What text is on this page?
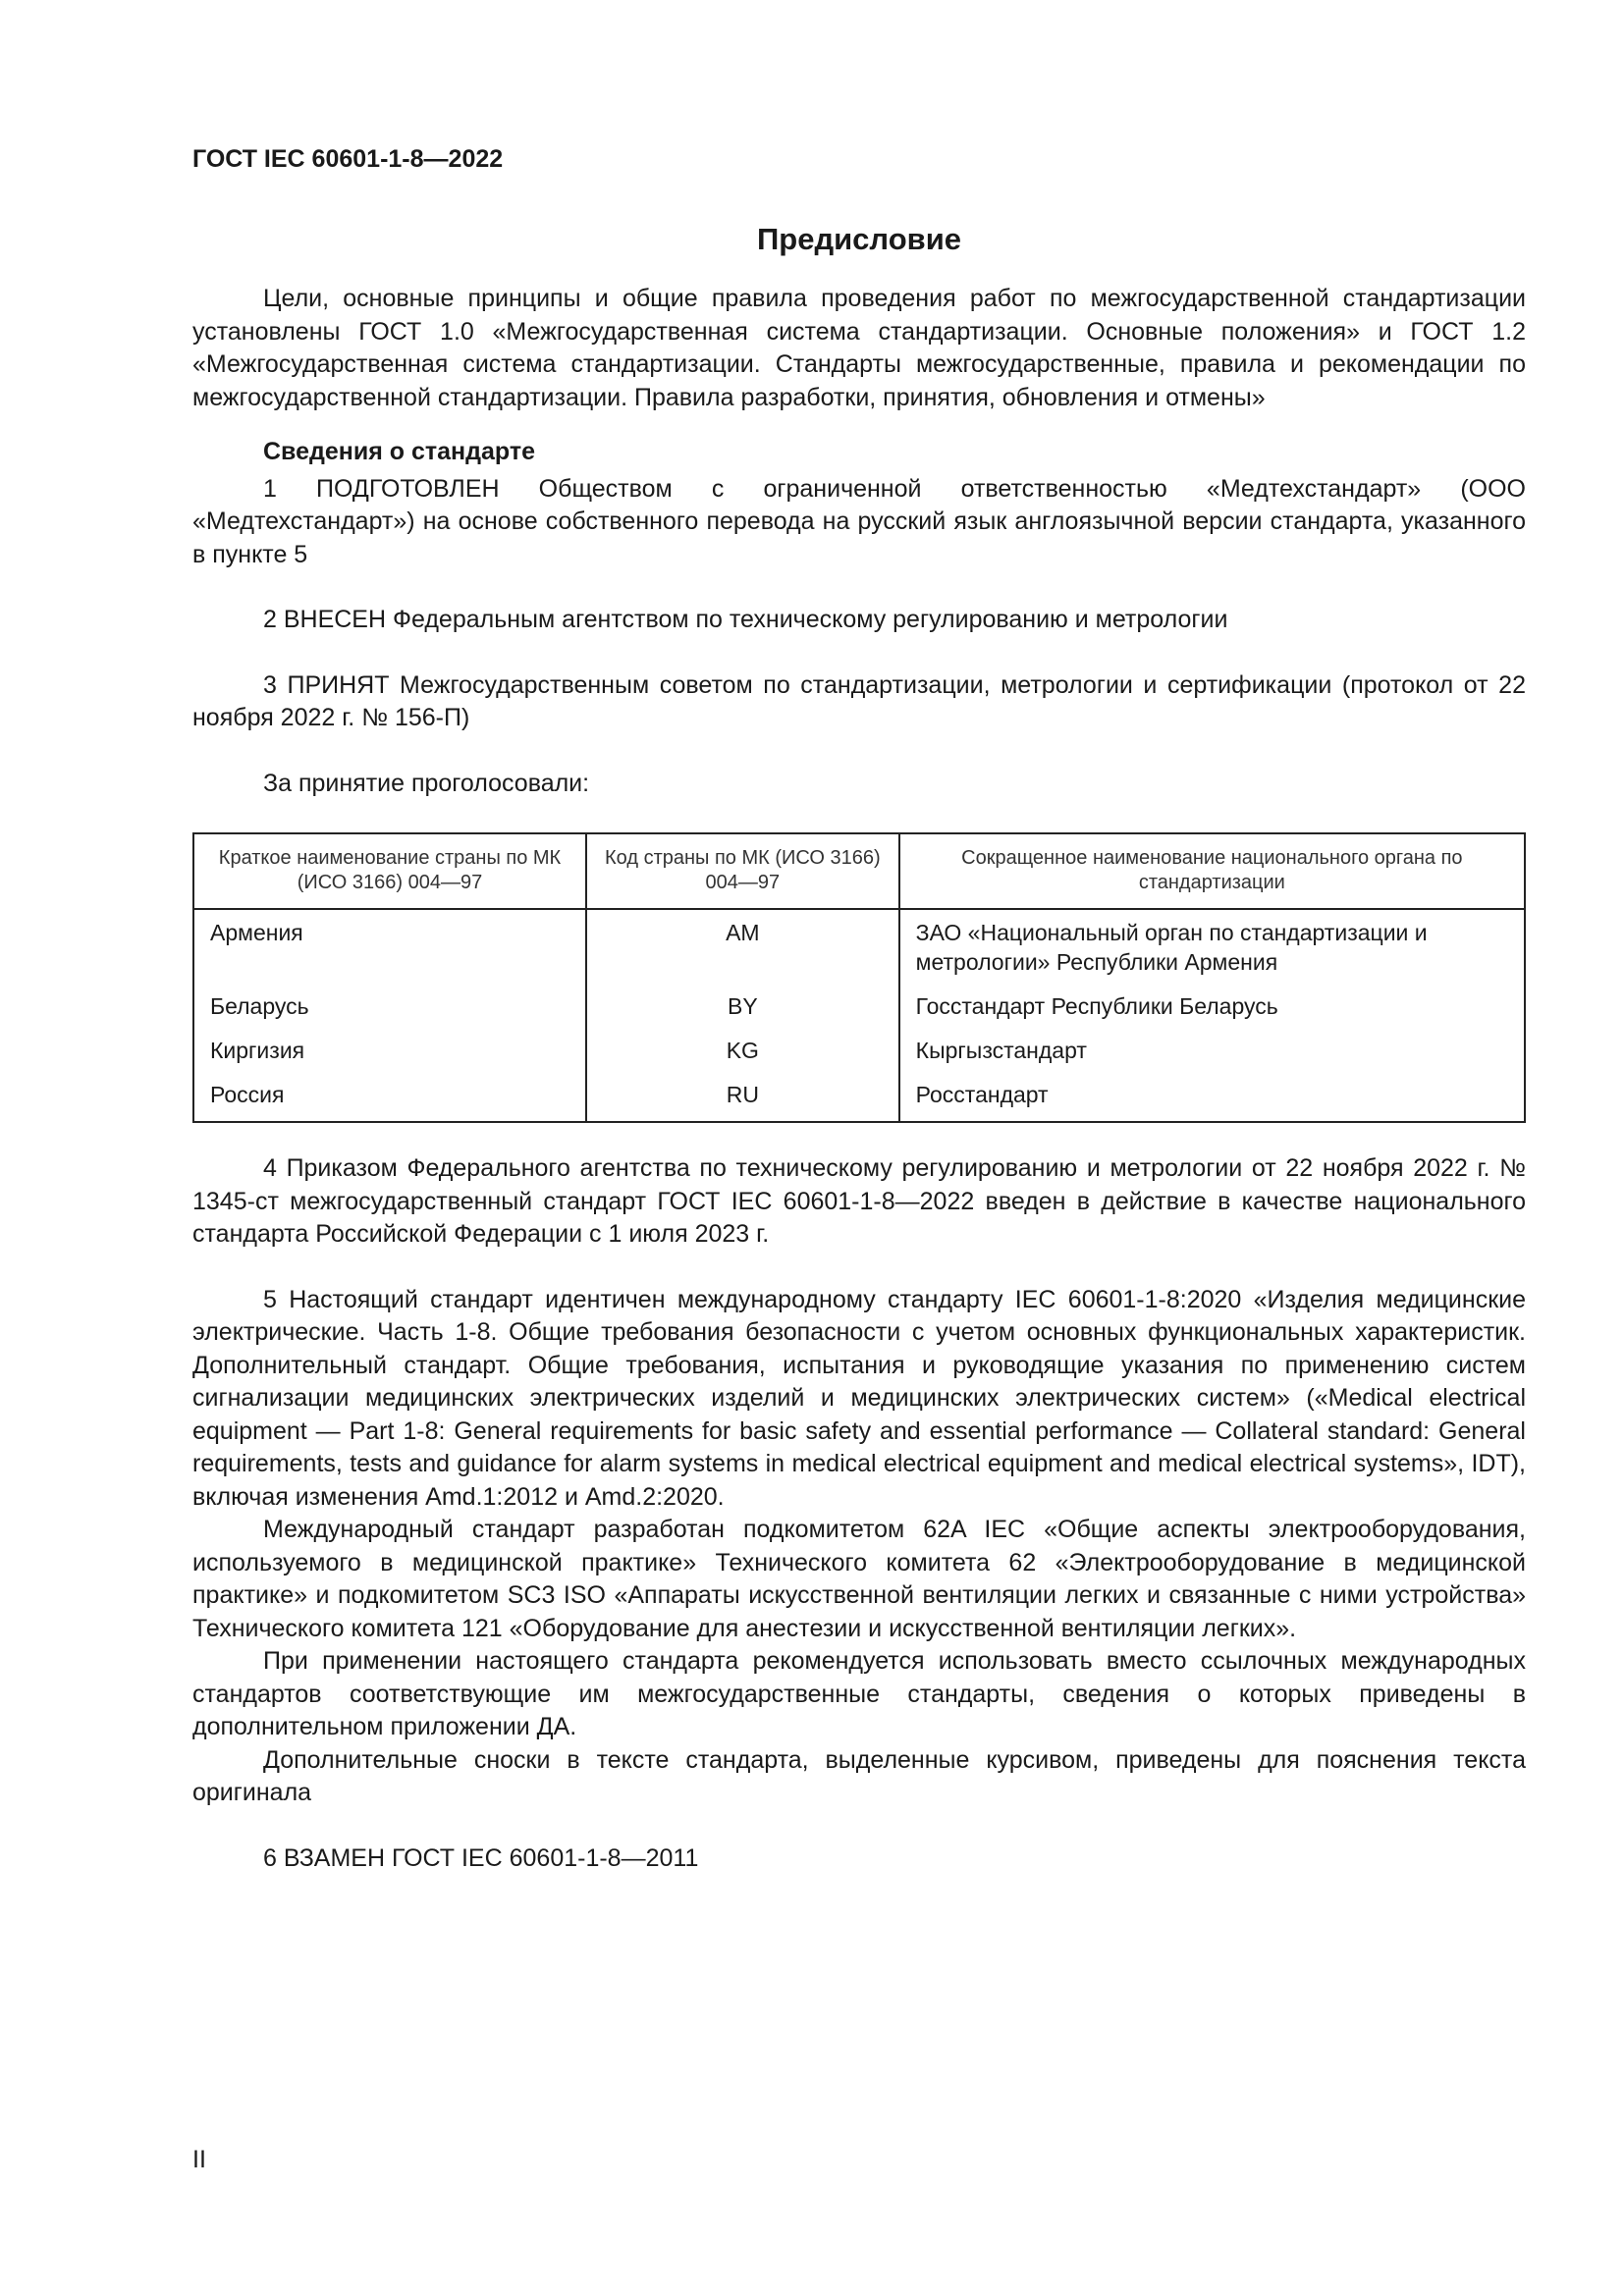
ГОСТ IEC 60601-1-8—2022
Предисловие

Цели, основные принципы и общие правила проведения работ по межгосударственной стандартизации установлены ГОСТ 1.0 «Межгосударственная система стандартизации. Основные положения» и ГОСТ 1.2 «Межгосударственная система стандартизации. Стандарты межгосударственные, правила и рекомендации по межгосударственной стандартизации. Правила разработки, принятия, обновления и отмены»

Сведения о стандарте

1 ПОДГОТОВЛЕН Обществом с ограниченной ответственностью «Медтехстандарт» (ООО «Медтехстандарт») на основе собственного перевода на русский язык англоязычной версии стандарта, указанного в пункте 5

2 ВНЕСЕН Федеральным агентством по техническому регулированию и метрологии

3 ПРИНЯТ Межгосударственным советом по стандартизации, метрологии и сертификации (протокол от 22 ноября 2022 г. № 156-П)

За принятие проголосовали:

Краткое наименование страны по МК (ИСО 3166) 004—97	Код страны по МК (ИСО 3166) 004—97	Сокращенное наименование национального органа по стандартизации
Армения	AM	ЗАО «Национальный орган по стандартизации и метрологии» Республики Армения
Беларусь	BY	Госстандарт Республики Беларусь
Киргизия	KG	Кыргызстандарт
Россия	RU	Росстандарт

4 Приказом Федерального агентства по техническому регулированию и метрологии от 22 ноября 2022 г. № 1345-ст межгосударственный стандарт ГОСТ IEC 60601-1-8—2022 введен в действие в качестве национального стандарта Российской Федерации с 1 июля 2023 г.

5 Настоящий стандарт идентичен международному стандарту IEC 60601-1-8:2020 «Изделия медицинские электрические. Часть 1-8. Общие требования безопасности с учетом основных функциональных характеристик. Дополнительный стандарт. Общие требования, испытания и руководящие указания по применению систем сигнализации медицинских электрических изделий и медицинских электрических систем» («Medical electrical equipment — Part 1-8: General requirements for basic safety and essential performance — Collateral standard: General requirements, tests and guidance for alarm systems in medical electrical equipment and medical electrical systems», IDT), включая изменения Amd.1:2012 и Amd.2:2020.

Международный стандарт разработан подкомитетом 62A IEC «Общие аспекты электрооборудования, используемого в медицинской практике» Технического комитета 62 «Электрооборудование в медицинской практике» и подкомитетом SC3 ISO «Аппараты искусственной вентиляции легких и связанные с ними устройства» Технического комитета 121 «Оборудование для анестезии и искусственной вентиляции легких».

При применении настоящего стандарта рекомендуется использовать вместо ссылочных международных стандартов соответствующие им межгосударственные стандарты, сведения о которых приведены в дополнительном приложении ДА.

Дополнительные сноски в тексте стандарта, выделенные курсивом, приведены для пояснения текста оригинала

6 ВЗАМЕН ГОСТ IEC 60601-1-8—2011

II
